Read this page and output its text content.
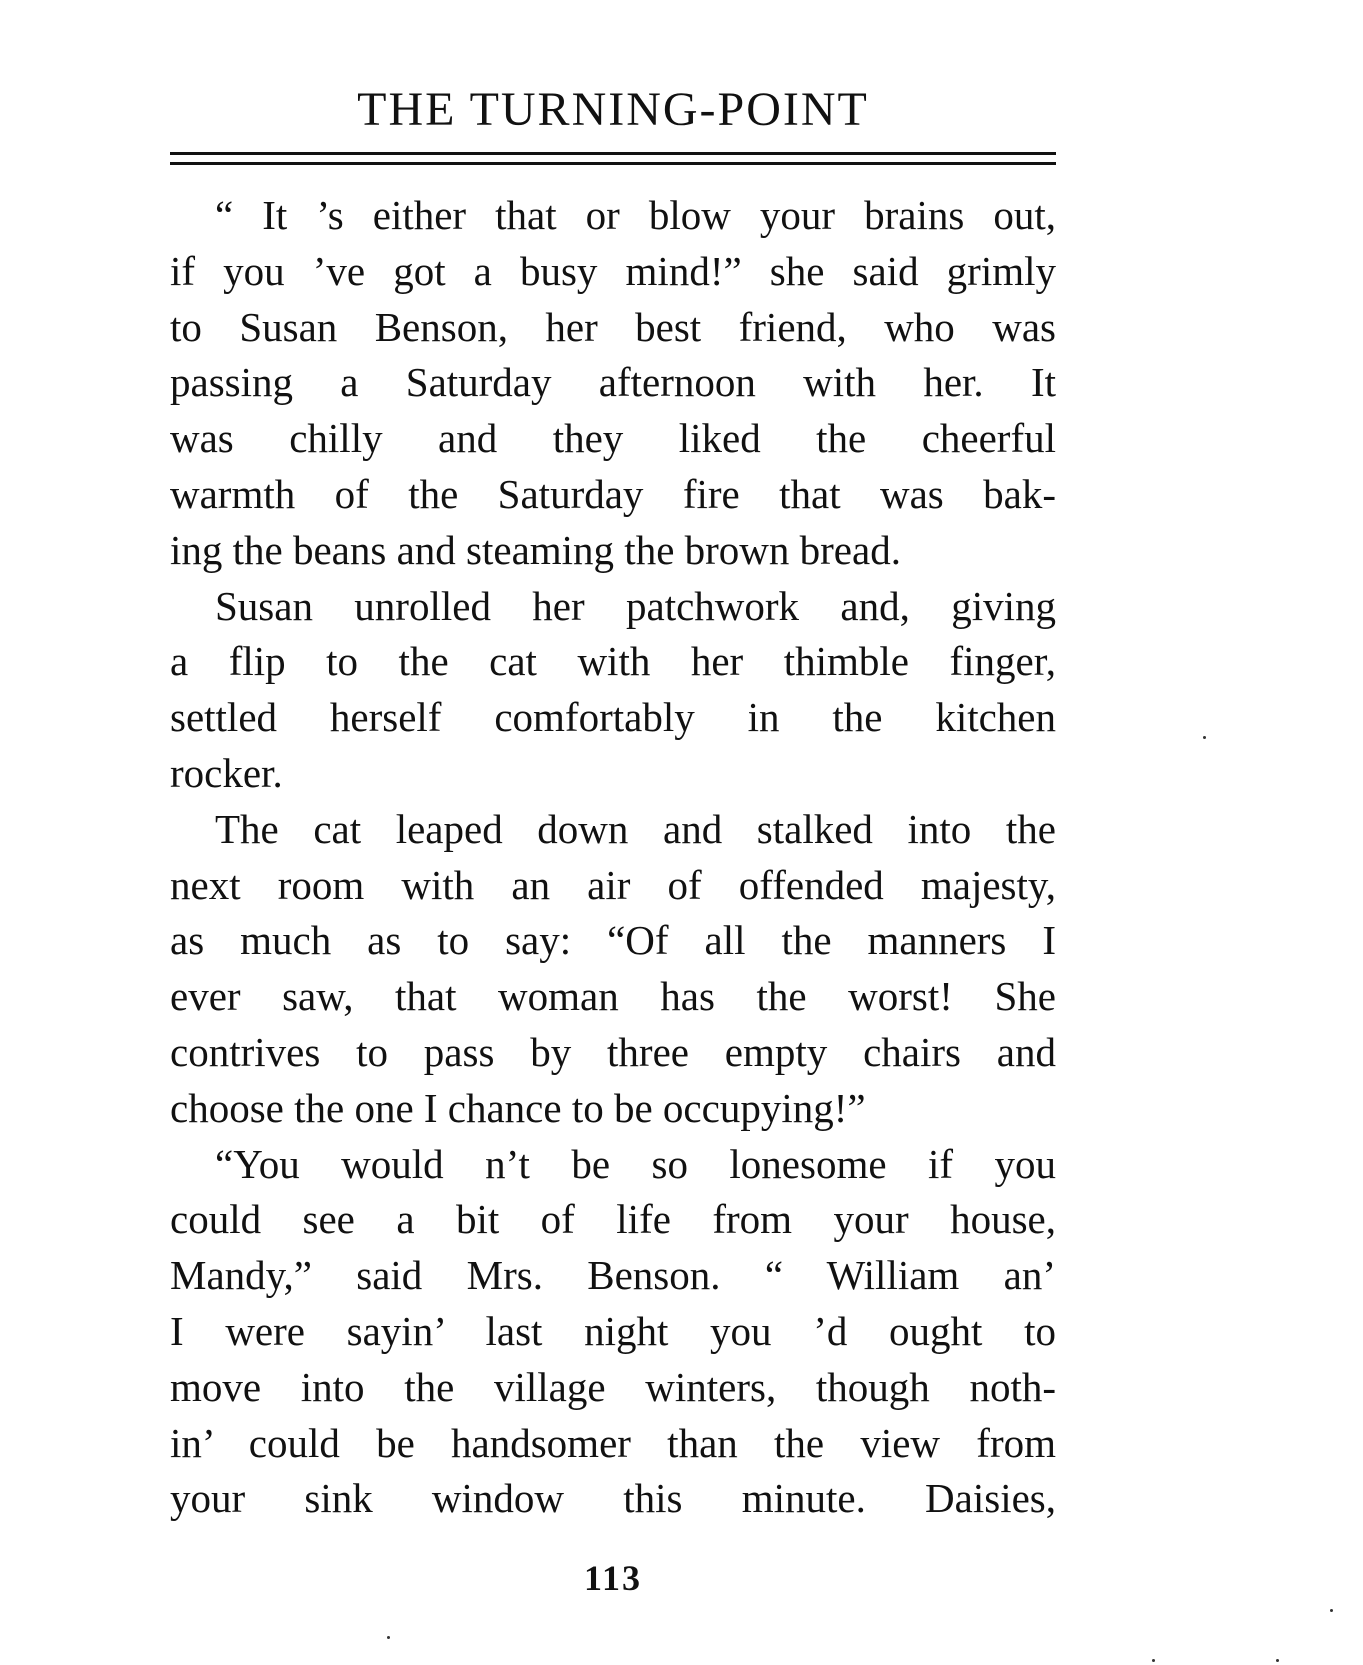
THE TURNING-POINT
“ It ’s either that or blow your brains out,
if you ’ve got a busy mind!” she said grimly
to Susan Benson, her best friend, who was
passing a Saturday afternoon with her. It
was chilly and they liked the cheerful
warmth of the Saturday fire that was bak-
ing the beans and steaming the brown bread.
Susan unrolled her patchwork and, giving
a flip to the cat with her thimble finger,
settled herself comfortably in the kitchen
rocker.
The cat leaped down and stalked into the
next room with an air of offended majesty,
as much as to say: “Of all the manners I
ever saw, that woman has the worst! She
contrives to pass by three empty chairs and
choose the one I chance to be occupying!”
“You would n’t be so lonesome if you
could see a bit of life from your house,
Mandy,” said Mrs. Benson. “ William an’
I were sayin’ last night you ’d ought to
move into the village winters, though noth-
in’ could be handsomer than the view from
your sink window this minute. Daisies,
113
